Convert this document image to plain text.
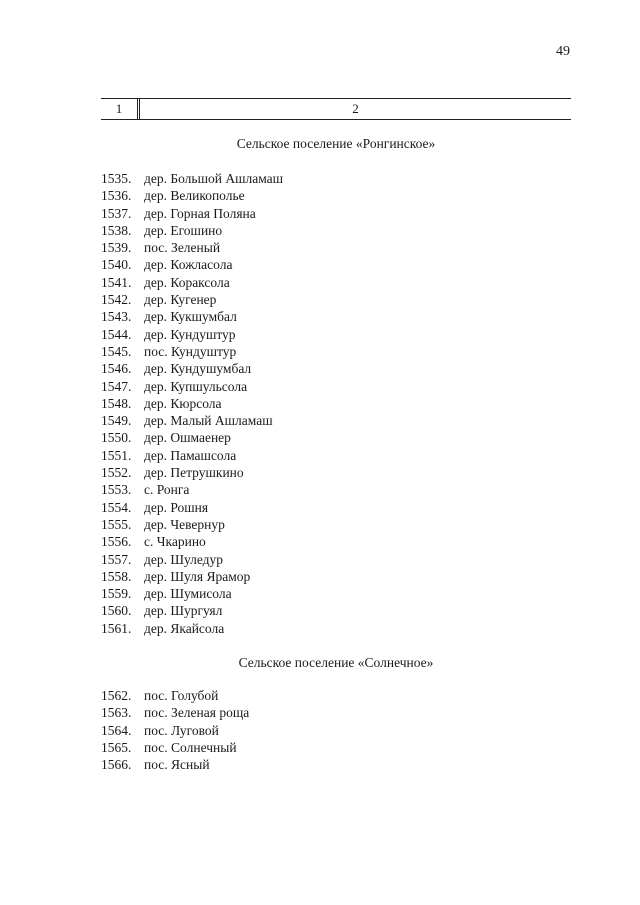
49
1	2
Сельское поселение «Ронгинское»
1535. дер. Большой Ашламаш
1536. дер. Великополье
1537. дер. Горная Поляна
1538. дер. Егошино
1539. пос. Зеленый
1540. дер. Кожласола
1541. дер. Кораксола
1542. дер. Кугенер
1543. дер. Кукшумбал
1544. дер. Кундуштур
1545. пос. Кундуштур
1546. дер. Кундушумбал
1547. дер. Купшульсола
1548. дер. Кюрсола
1549. дер. Малый Ашламаш
1550. дер. Ошмаенер
1551. дер. Памашсола
1552. дер. Петрушкино
1553. с. Ронга
1554. дер. Рошня
1555. дер. Чевернур
1556. с. Чкарино
1557. дер. Шуледур
1558. дер. Шуля Ярамор
1559. дер. Шумисола
1560. дер. Шургуял
1561. дер. Якайсола
Сельское поселение «Солнечное»
1562. пос. Голубой
1563. пос. Зеленая роща
1564. пос. Луговой
1565. пос. Солнечный
1566. пос. Ясный
